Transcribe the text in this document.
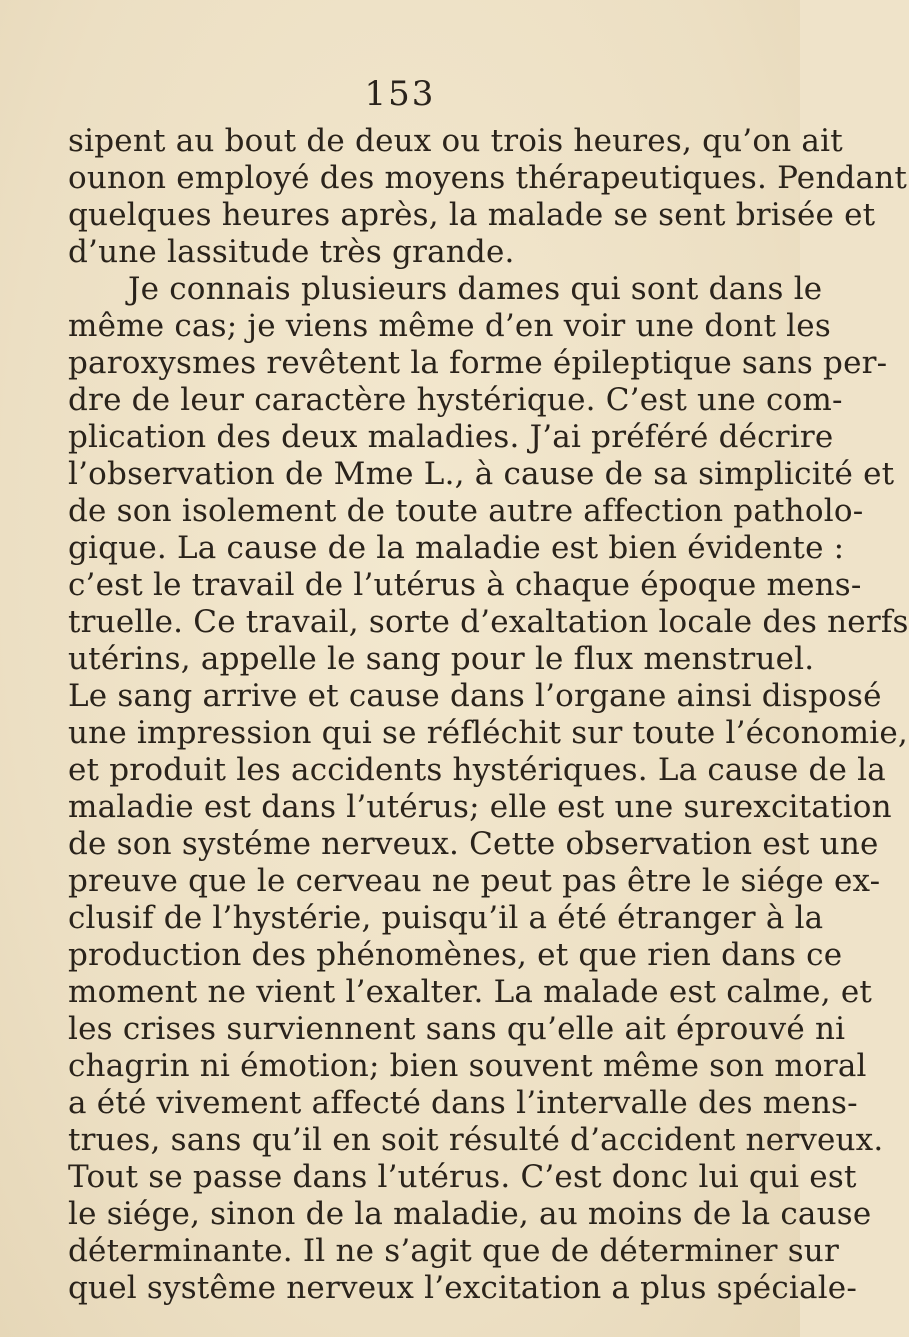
153
sipent au bout de deux ou trois heures, qu’on ait
ounon employé des moyens thérapeutiques. Pendant
quelques heures après, la malade se sent brisée et
d’une lassitude très grande.
Je connais plusieurs dames qui sont dans le
même cas; je viens même d’en voir une dont les
paroxysmes revêtent la forme épileptique sans per-
dre de leur caractère hystérique. C’est une com-
plication des deux maladies. J’ai préféré décrire
l’observation de Mme L., à cause de sa simplicité et
de son isolement de toute autre affection patholo-
gique. La cause de la maladie est bien évidente :
c’est le travail de l’utérus à chaque époque mens-
truelle. Ce travail, sorte d’exaltation locale des nerfs
utérins, appelle le sang pour le flux menstruel.
Le sang arrive et cause dans l’organe ainsi disposé
une impression qui se réfléchit sur toute l’économie,
et produit les accidents hystériques. La cause de la
maladie est dans l’utérus; elle est une surexcitation
de son systéme nerveux. Cette observation est une
preuve que le cerveau ne peut pas être le siége ex-
clusif de l’hystérie, puisqu’il a été étranger à la
production des phénomènes, et que rien dans ce
moment ne vient l’exalter. La malade est calme, et
les crises surviennent sans qu’elle ait éprouvé ni
chagrin ni émotion; bien souvent même son moral
a été vivement affecté dans l’intervalle des mens-
trues, sans qu’il en soit résulté d’accident nerveux.
Tout se passe dans l’utérus. C’est donc lui qui est
le siége, sinon de la maladie, au moins de la cause
déterminante. Il ne s’agit que de déterminer sur
quel systême nerveux l’excitation a plus spéciale-
